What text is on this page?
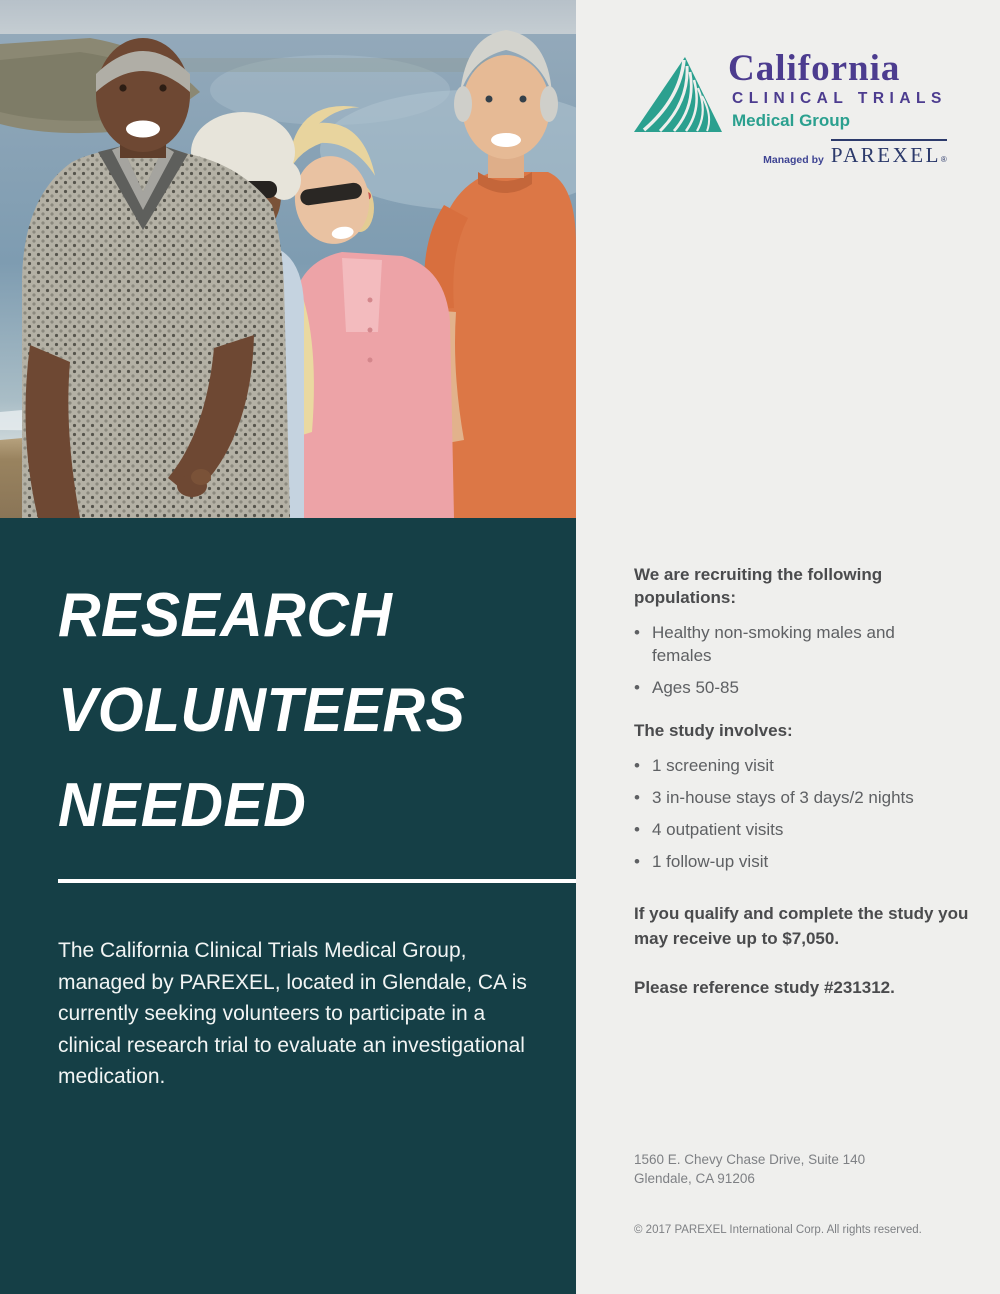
RESEARCH
VOLUNTEERS
NEEDED

The California Clinical Trials Medical Group, managed by PAREXEL, located in Glendale, CA is currently seeking volunteers to participate in a clinical research trial to evaluate an investigational medication.

California
CLINICAL TRIALS
Medical Group
Managed by PAREXEL®
We are recruiting the following populations:
• Healthy non-smoking males and females
• Ages 50-85
The study involves:
• 1 screening visit
• 3 in-house stays of 3 days/2 nights
• 4 outpatient visits
• 1 follow-up visit

If you qualify and complete the study you may receive up to $7,050.

Please reference study #231312.

1560 E. Chevy Chase Drive, Suite 140
Glendale, CA 91206
© 2017 PAREXEL International Corp. All rights reserved.
